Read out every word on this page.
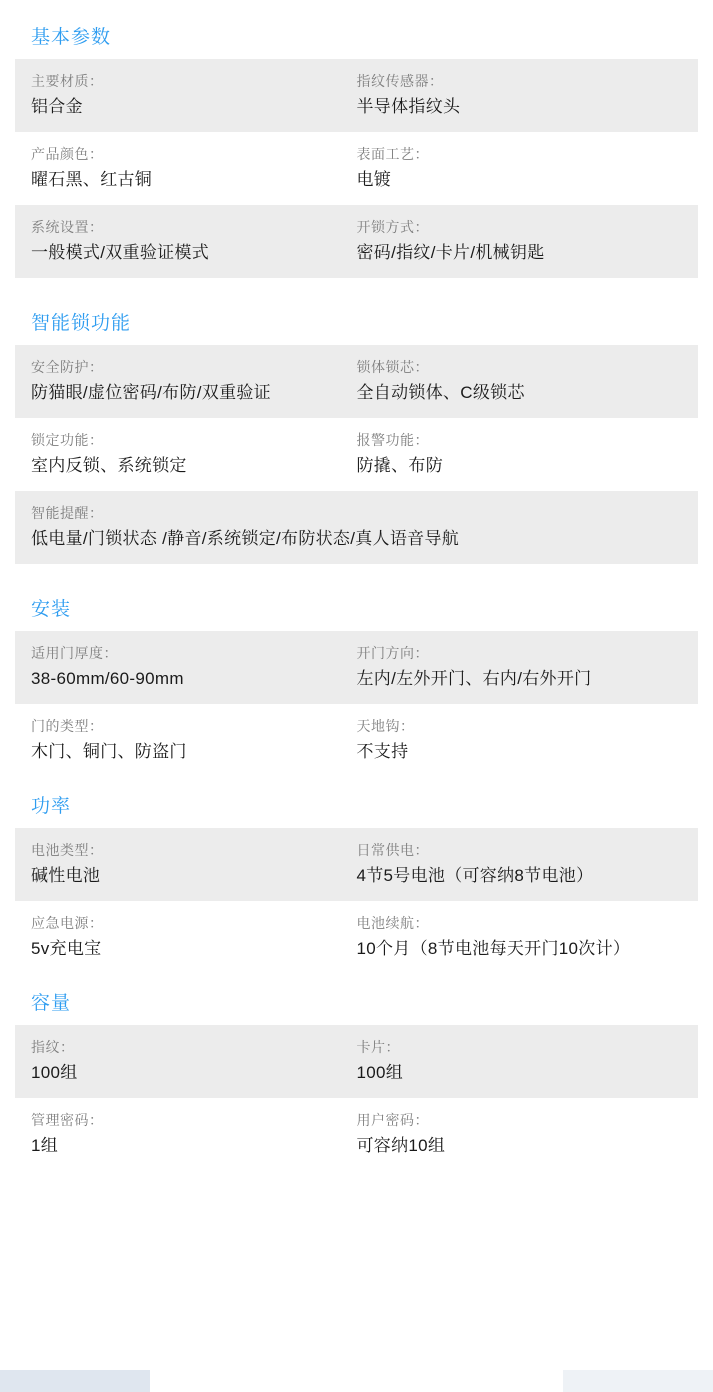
基本参数
主要材质：
铝合金
指纹传感器：
半导体指纹头
产品颜色：
曜石黑、红古铜
表面工艺：
电镀
系统设置：
一般模式/双重验证模式
开锁方式：
密码/指纹/卡片/机械钥匙
智能锁功能
安全防护：
防猫眼/虚位密码/布防/双重验证
锁体锁芯：
全自动锁体、C级锁芯
锁定功能：
室内反锁、系统锁定
报警功能：
防撬、布防
智能提醒：
低电量/门锁状态 /静音/系统锁定/布防状态/真人语音导航
安装
适用门厚度：
38-60mm/60-90mm
开门方向：
左内/左外开门、右内/右外开门
门的类型：
木门、铜门、防盗门
天地钩：
不支持
功率
电池类型：
碱性电池
日常供电：
4节5号电池（可容纳8节电池）
应急电源：
5v充电宝
电池续航：
10个月（8节电池每天开门10次计）
容量
指纹：
100组
卡片：
100组
管理密码：
1组
用户密码：
可容纳10组
